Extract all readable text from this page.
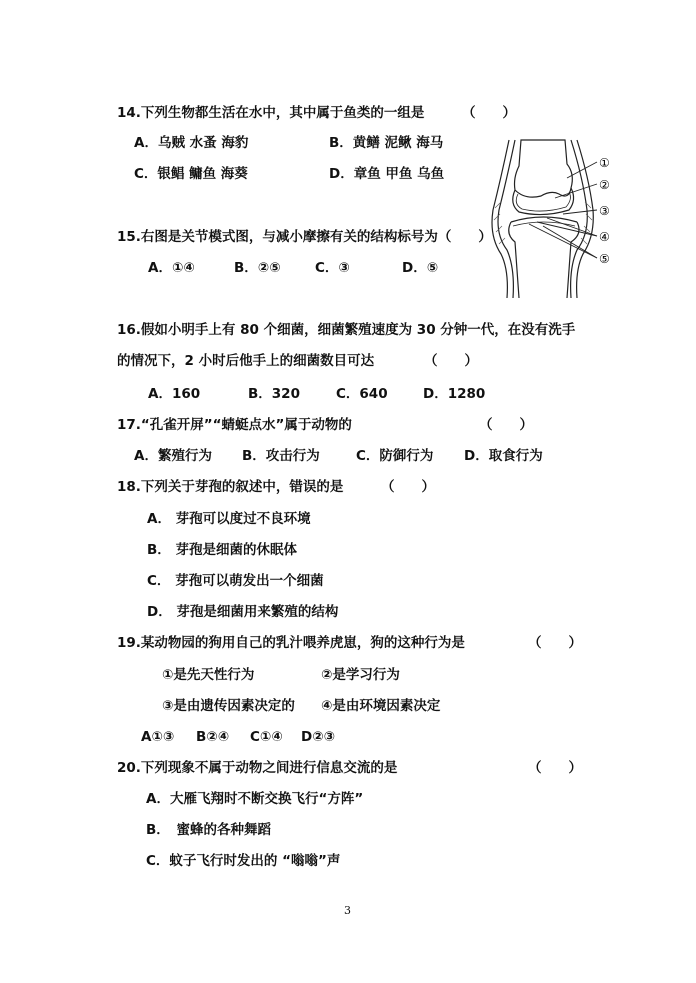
14.下列生物都生活在水中，其中属于鱼类的一组是	（　　）
A．乌贼 水蚤 海豹	B．黄鳝 泥鳅 海马
C．银鲳 鳙鱼 海葵	D．章鱼 甲鱼 乌鱼
①
②
③
④
⑤
15.右图是关节模式图，与减小摩擦有关的结构标号为（　　）
A．①④	B．②⑤	C．③	D．⑤
16.假如小明手上有 80 个细菌，细菌繁殖速度为 30 分钟一代，在没有洗手
的情况下，2 小时后他手上的细菌数目可达	（　　）
A．160	B．320	C．640	D．1280
17.“孔雀开屏”“蜻蜓点水”属于动物的	（　　）
A．繁殖行为 B．攻击行为	C．防御行为 D．取食行为
18.下列关于芽孢的叙述中，错误的是	（　　）
A． 芽孢可以度过不良环境
B． 芽孢是细菌的休眠体
C． 芽孢可以萌发出一个细菌
D． 芽孢是细菌用来繁殖的结构
19.某动物园的狗用自己的乳汁喂养虎崽，狗的这种行为是	（　　）
①是先天性行为	②是学习行为
③是由遗传因素决定的 ④是由环境因素决定
A①③ B②④ C①④ D②③
20.下列现象不属于动物之间进行信息交流的是	（　　）
A．大雁飞翔时不断交换飞行“方阵”
B．　蜜蜂的各种舞蹈
C．蚊子飞行时发出的 “嗡嗡”声
3
